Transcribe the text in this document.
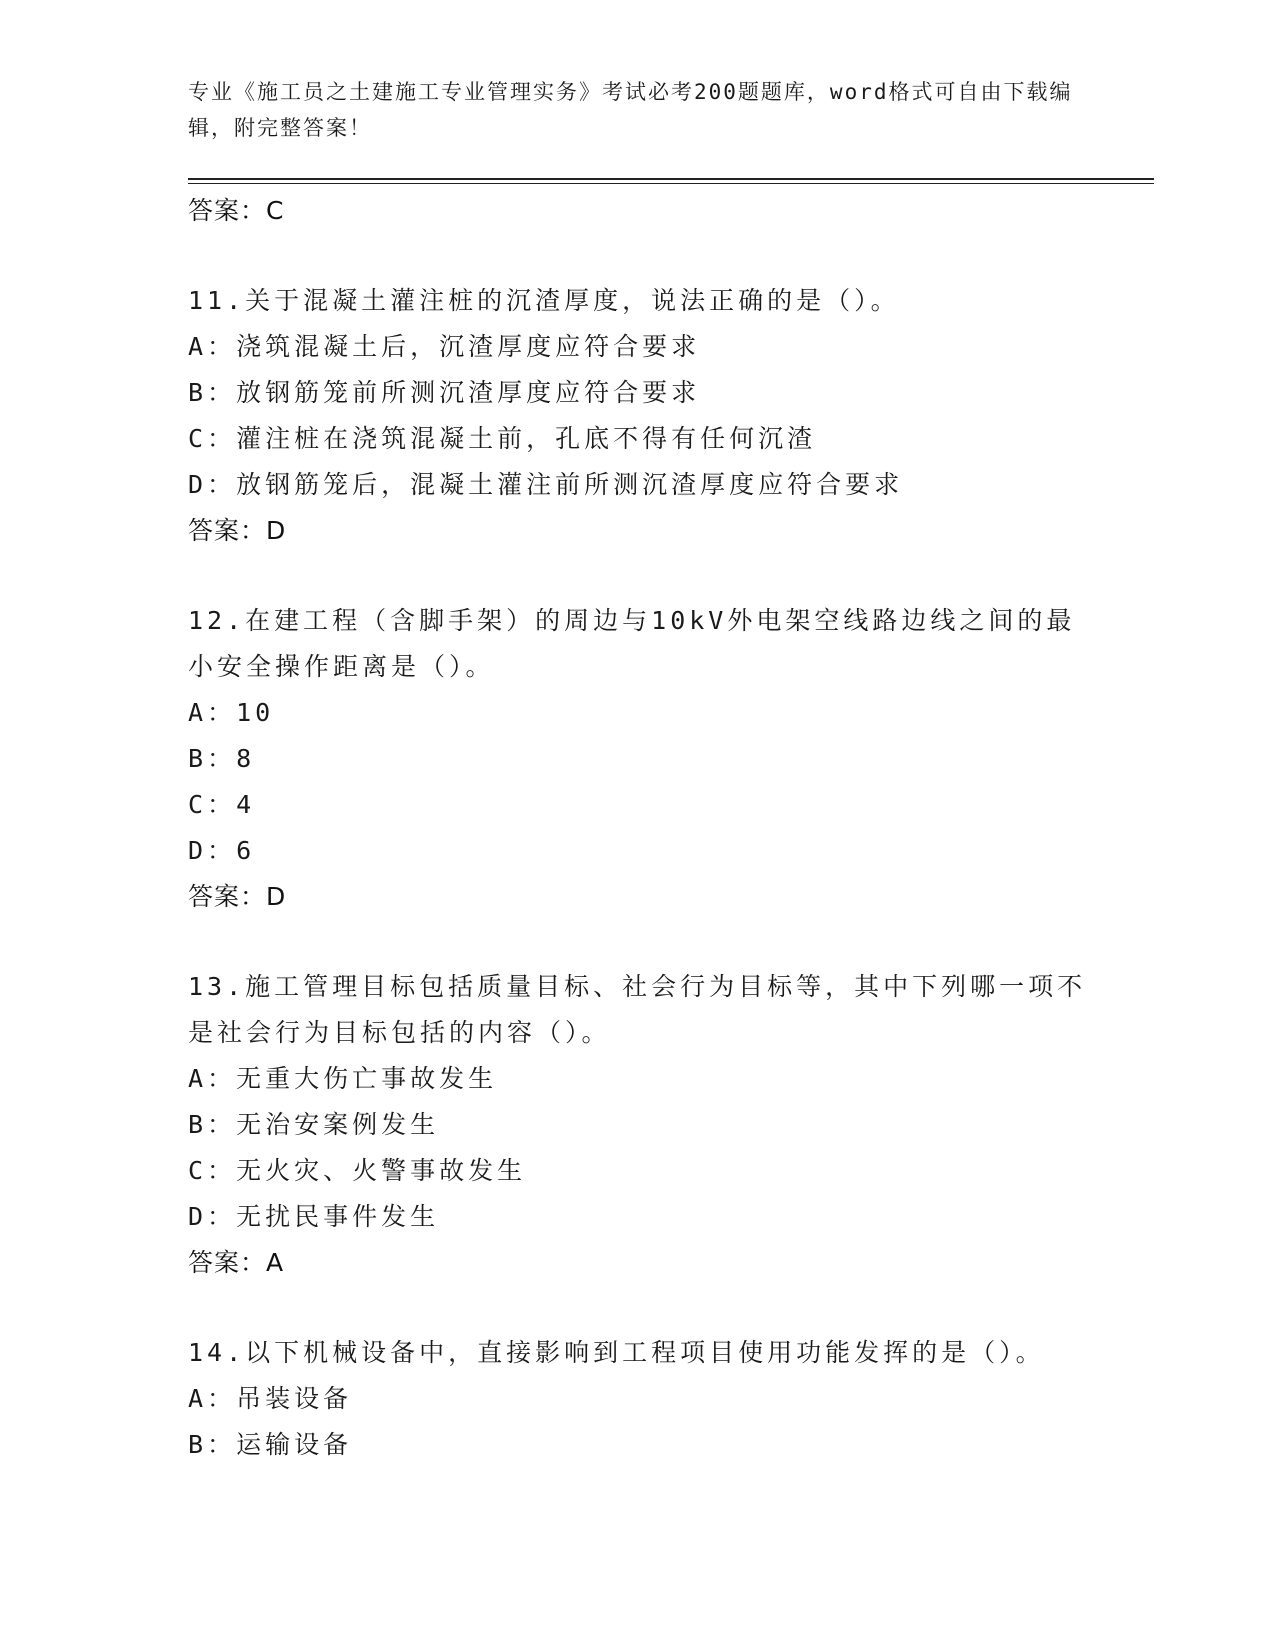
专业《施工员之土建施工专业管理实务》考试必考200题题库，word格式可自由下载编辑，附完整答案！
答案：C
11.关于混凝土灌注桩的沉渣厚度，说法正确的是（）。
A：浇筑混凝土后，沉渣厚度应符合要求
B：放钢筋笼前所测沉渣厚度应符合要求
C：灌注桩在浇筑混凝土前，孔底不得有任何沉渣
D：放钢筋笼后，混凝土灌注前所测沉渣厚度应符合要求
答案：D
12.在建工程（含脚手架）的周边与10kV外电架空线路边线之间的最小安全操作距离是（）。
A：10
B：8
C：4
D：6
答案：D
13.施工管理目标包括质量目标、社会行为目标等，其中下列哪一项不是社会行为目标包括的内容（）。
A：无重大伤亡事故发生
B：无治安案例发生
C：无火灾、火警事故发生
D：无扰民事件发生
答案：A
14.以下机械设备中，直接影响到工程项目使用功能发挥的是（）。
A：吊装设备
B：运输设备
